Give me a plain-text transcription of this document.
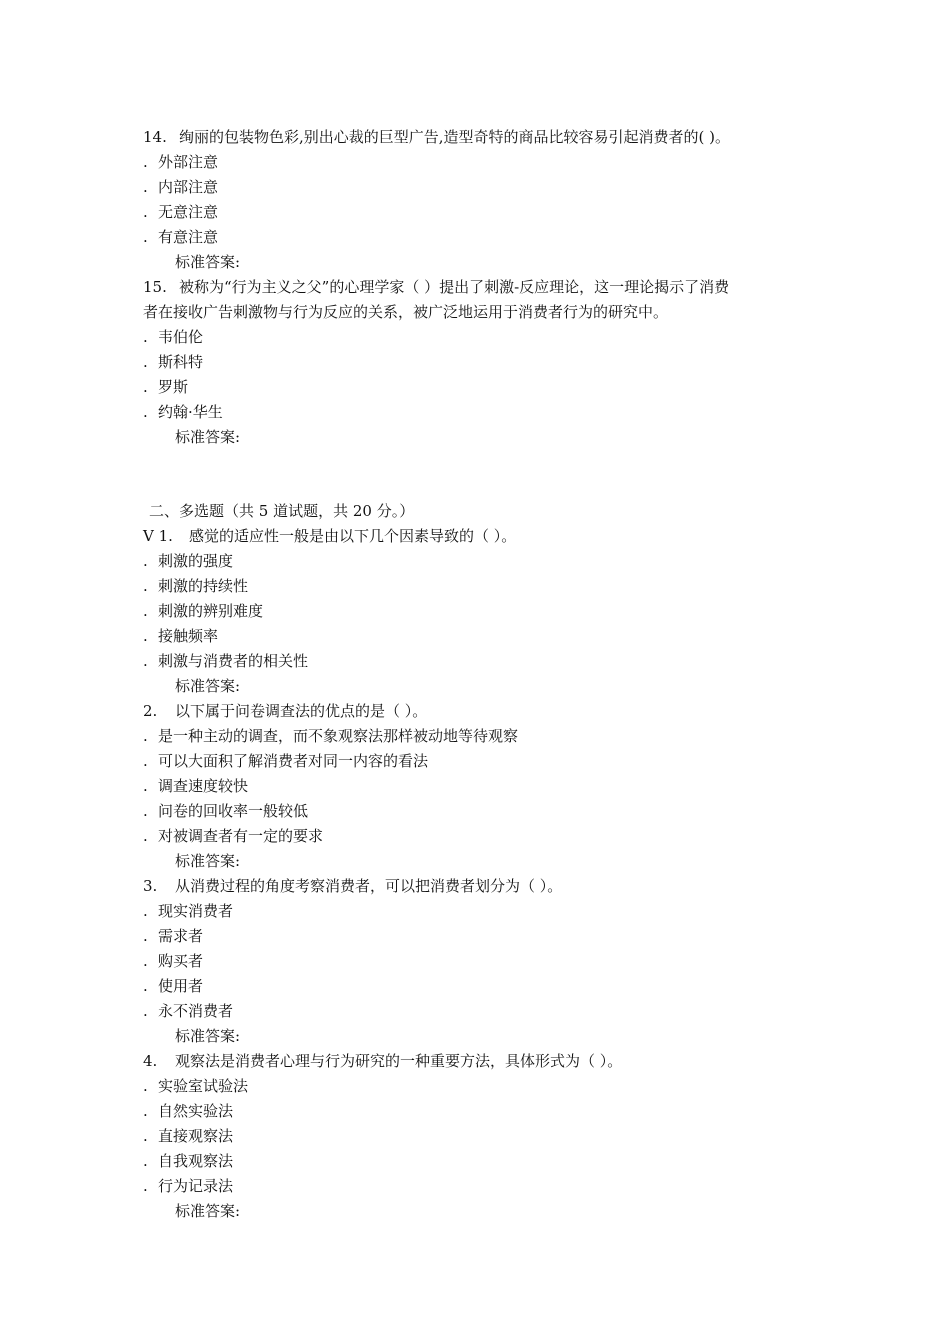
14. 绚丽的包装物色彩,别出心裁的巨型广告,造型奇特的商品比较容易引起消费者的( )。
. 外部注意
. 内部注意
. 无意注意
. 有意注意
标准答案:
15. 被称为“行为主义之父”的心理学家（ ）提出了刺激-反应理论，这一理论揭示了消费
者在接收广告刺激物与行为反应的关系，被广泛地运用于消费者行为的研究中。
. 韦伯伦
. 斯科特
. 罗斯
. 约翰·华生
标准答案:
二、多选题（共 5 道试题，共 20 分。）
V 1. 感觉的适应性一般是由以下几个因素导致的（ ）。
. 刺激的强度
. 刺激的持续性
. 刺激的辨别难度
. 接触频率
. 刺激与消费者的相关性
标准答案:
2. 以下属于问卷调查法的优点的是（ ）。
. 是一种主动的调查，而不象观察法那样被动地等待观察
. 可以大面积了解消费者对同一内容的看法
. 调查速度较快
. 问卷的回收率一般较低
. 对被调查者有一定的要求
标准答案:
3. 从消费过程的角度考察消费者，可以把消费者划分为（ ）。
. 现实消费者
. 需求者
. 购买者
. 使用者
. 永不消费者
标准答案:
4. 观察法是消费者心理与行为研究的一种重要方法，具体形式为（ ）。
. 实验室试验法
. 自然实验法
. 直接观察法
. 自我观察法
. 行为记录法
标准答案:
